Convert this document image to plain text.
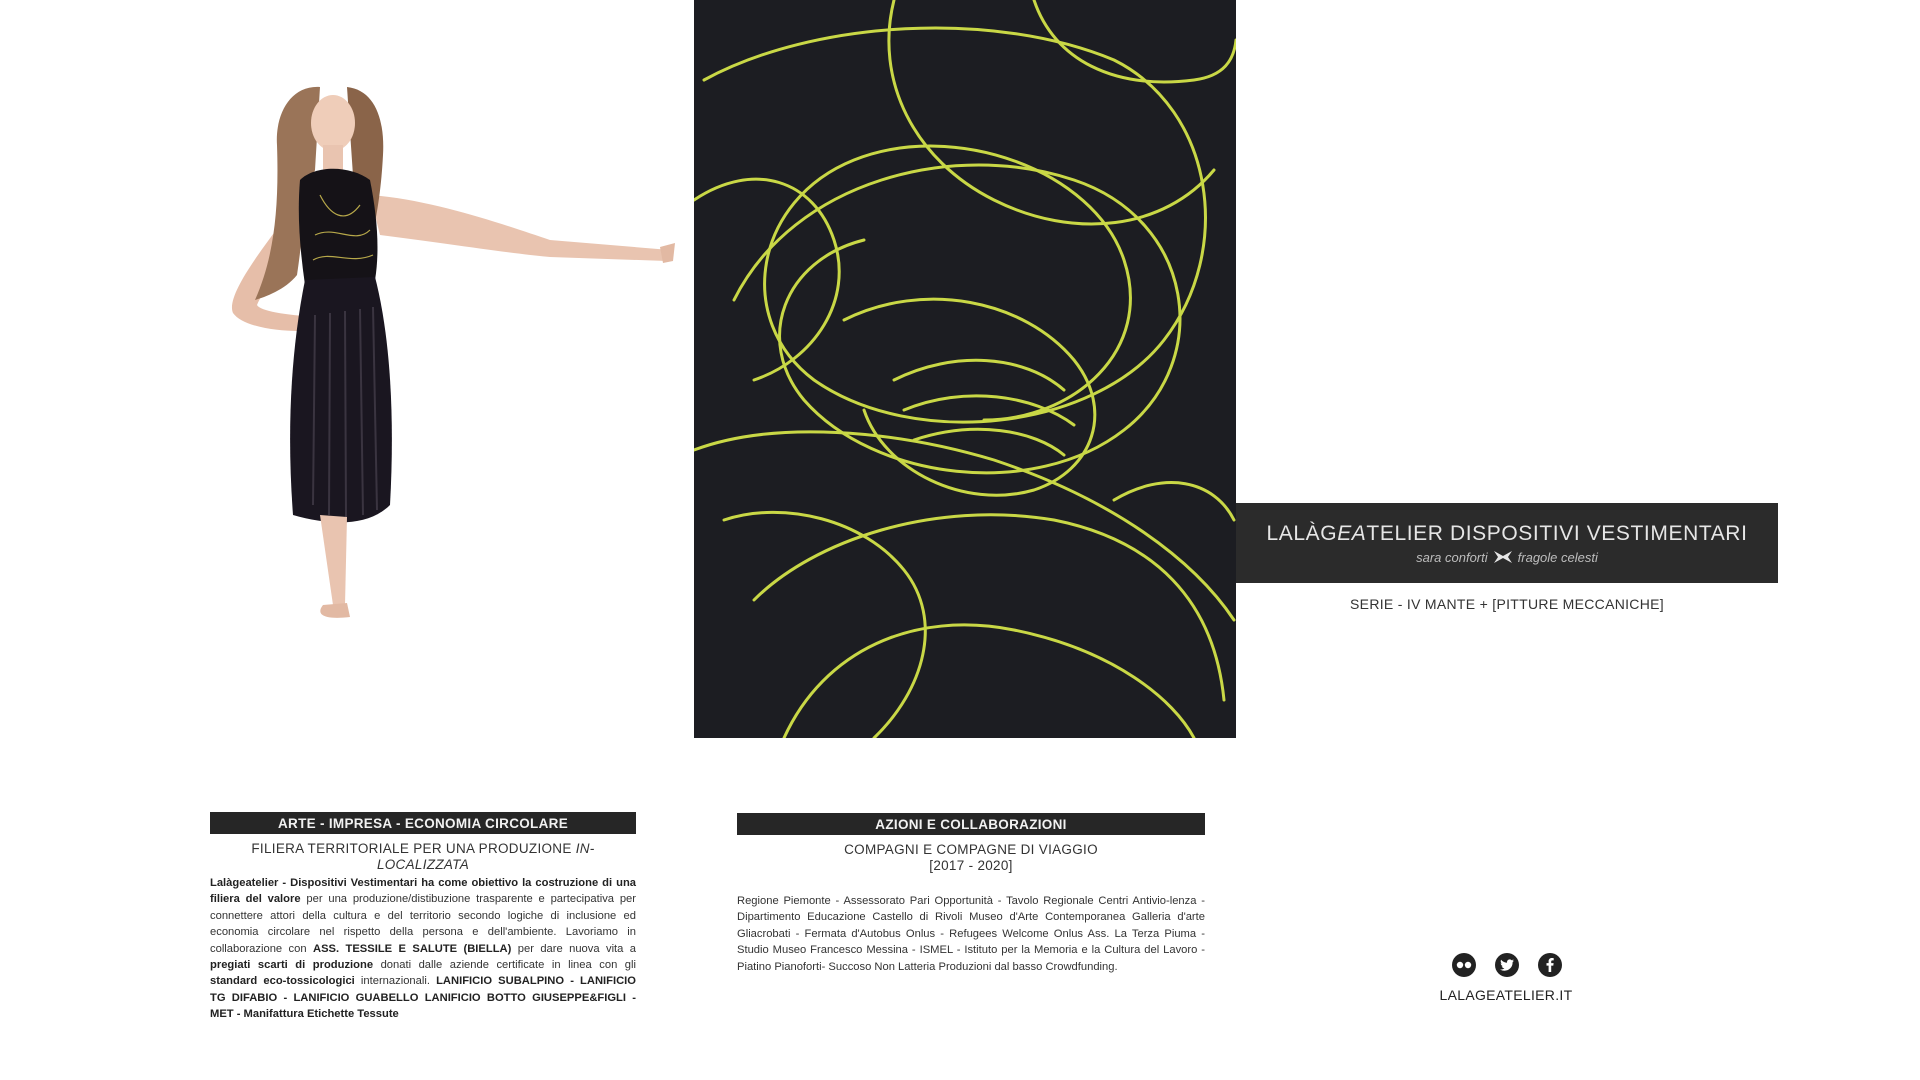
LALÀGEATELIER DISPOSITIVI VESTIMENTARI
sara conforti fragole celesti
SERIE - IV MANTE + [PITTURE MECCANICHE]
ARTE - IMPRESA - ECONOMIA CIRCOLARE
FILIERA TERRITORIALE PER UNA PRODUZIONE IN-LOCALIZZATA
Lalàgeatelier - Dispositivi Vestimentari ha come obiettivo la costruzione di una filiera del valore per una produzione/distibuzione trasparente e partecipativa per connettere attori della cultura e del territorio secondo logiche di inclusione ed economia circolare nel rispetto della persona e dell'ambiente. Lavoriamo in collaborazione con ASS. TESSILE E SALUTE (BIELLA) per dare nuova vita a pregiati scarti di produzione donati dalle aziende certificate in linea con gli standard eco-tossicologici internazionali. LANIFICIO SUBALPINO - LANIFICIO TG DIFABIO - LANIFICIO GUABELLO LANIFICIO BOTTO GIUSEPPE&FIGLI - MET - Manifattura Etichette Tessute
AZIONI E COLLABORAZIONI
COMPAGNI E COMPAGNE DI VIAGGIO
[2017 - 2020]
Regione Piemonte - Assessorato Pari Opportunità - Tavolo Regionale Centri Antivio-lenza - Dipartimento Educazione Castello di Rivoli Museo d'Arte Contemporanea Galleria d'arte Gliacrobati - Fermata d'Autobus Onlus - Refugees Welcome Onlus Ass. La Terza Piuma - Studio Museo Francesco Messina - ISMEL - Istituto per la Memoria e la Cultura del Lavoro - Piatino Pianoforti- Succoso Non Latteria Produzioni dal basso Crowdfunding.
LALAGEATELIER.IT
